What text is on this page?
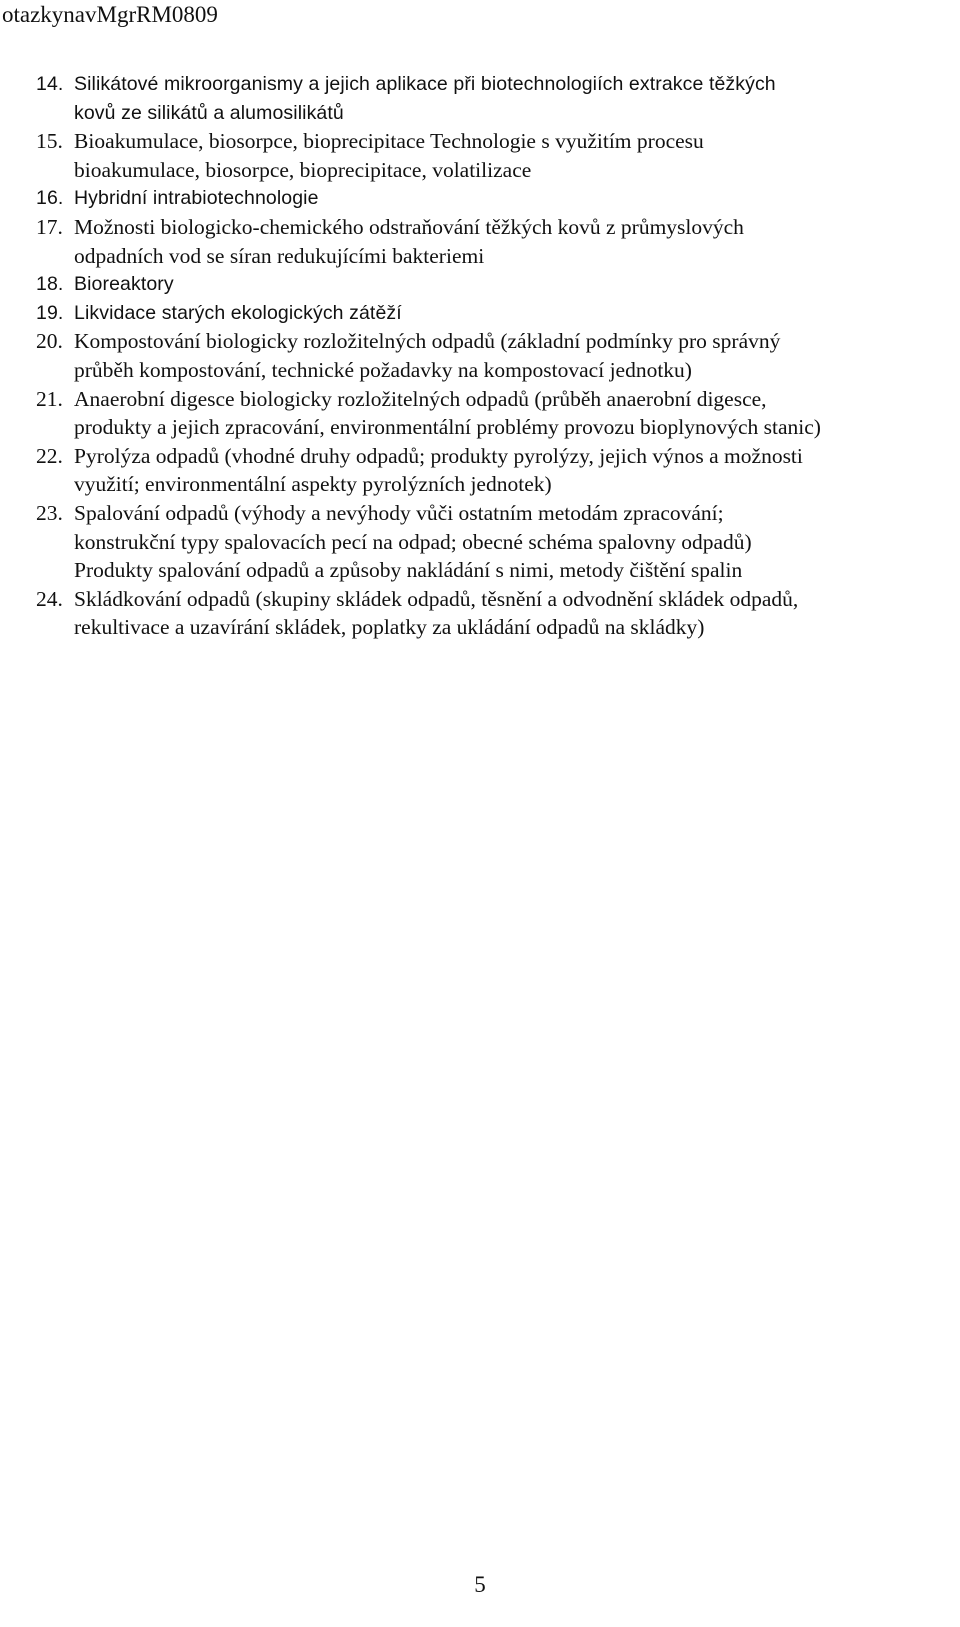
otazkynavMgrRM0809
14. Silikátové mikroorganismy a jejich aplikace při biotechnologiích extrakce těžkých
kovů ze silikátů a alumosilikátů
15. Bioakumulace, biosorpce, bioprecipitace Technologie s využitím procesu
bioakumulace, biosorpce, bioprecipitace, volatilizace
16. Hybridní intrabiotechnologie
17. Možnosti biologicko-chemického odstraňování těžkých kovů z průmyslových
odpadních vod se síran redukujícími bakteriemi
18. Bioreaktory
19. Likvidace starých ekologických zátěží
20. Kompostování biologicky rozložitelných odpadů (základní podmínky pro správný
průběh kompostování, technické požadavky na kompostovací jednotku)
21. Anaerobní digesce biologicky rozložitelných odpadů (průběh anaerobní digesce,
produkty a jejich zpracování, environmentální problémy provozu bioplynových stanic)
22. Pyrolýza odpadů (vhodné druhy odpadů; produkty pyrolýzy, jejich výnos a možnosti
využití; environmentální aspekty pyrolýzních jednotek)
23. Spalování odpadů (výhody a nevýhody vůči ostatním metodám zpracování;
konstrukční typy spalovacích pecí na odpad; obecné schéma spalovny odpadů)
Produkty spalování odpadů a způsoby nakládání s nimi, metody čištění spalin
24. Skládkování odpadů (skupiny skládek odpadů, těsnění a odvodnění skládek odpadů,
rekultivace a uzavírání skládek, poplatky za ukládání odpadů na skládky)
5
